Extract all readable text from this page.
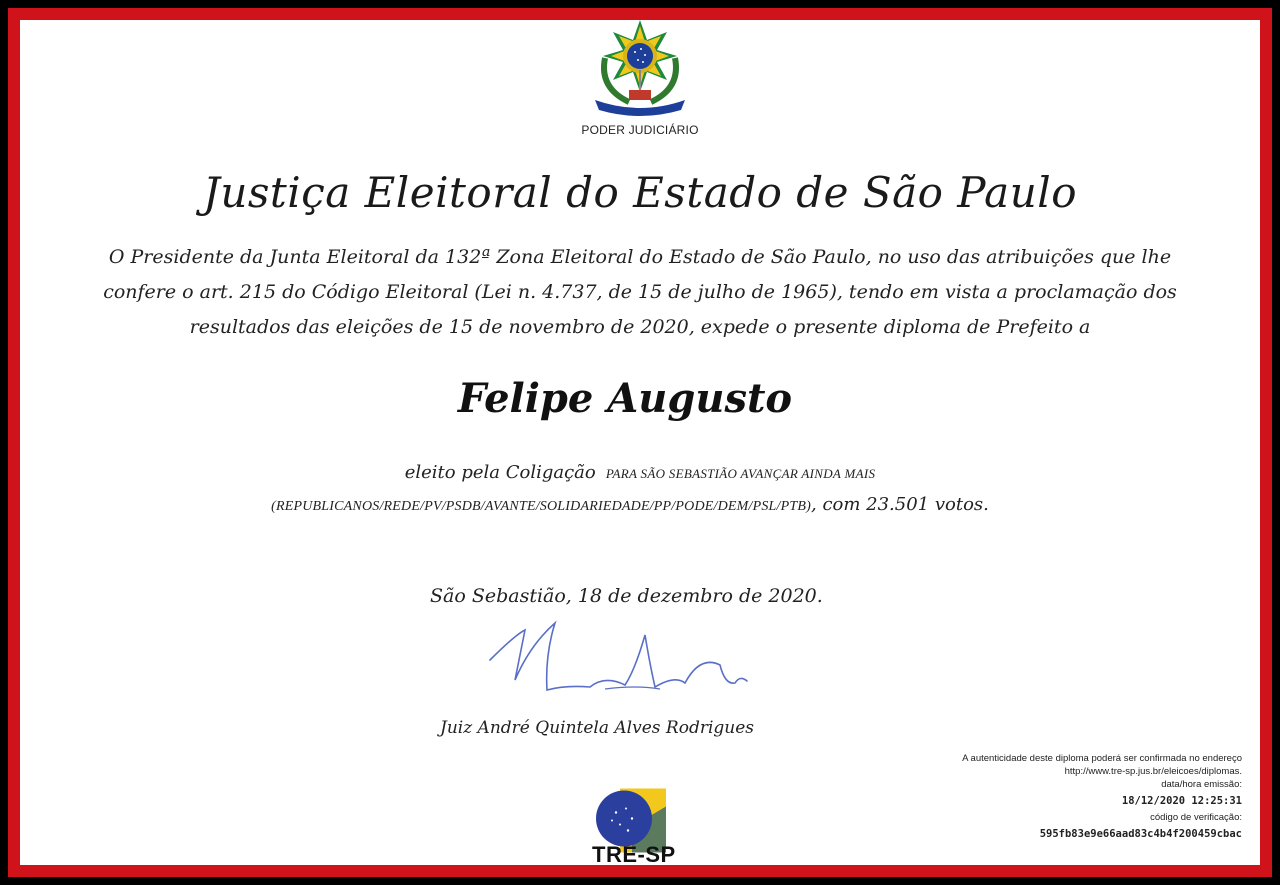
PODER JUDICIÁRIO
Justiça Eleitoral do Estado de São Paulo
O Presidente da Junta Eleitoral da 132ª Zona Eleitoral do Estado de São Paulo, no uso das atribuições que lhe
confere o art. 215 do Código Eleitoral (Lei n. 4.737, de 15 de julho de 1965), tendo em vista a proclamação dos
resultados das eleições de 15 de novembro de 2020, expede o presente diploma de Prefeito a
Felipe Augusto
eleito pela Coligação PARA SÃO SEBASTIÃO AVANÇAR AINDA MAIS
(REPUBLICANOS/REDE/PV/PSDB/AVANTE/SOLIDARIEDADE/PP/PODE/DEM/PSL/PTB), com 23.501 votos.
São Sebastião, 18 de dezembro de 2020.
Juiz André Quintela Alves Rodrigues
TRE-SP
A autenticidade deste diploma poderá ser confirmada no endereço
http://www.tre-sp.jus.br/eleicoes/diplomas.
data/hora emissão:
18/12/2020 12:25:31
código de verificação:
595fb83e9e66aad83c4b4f200459cbac
